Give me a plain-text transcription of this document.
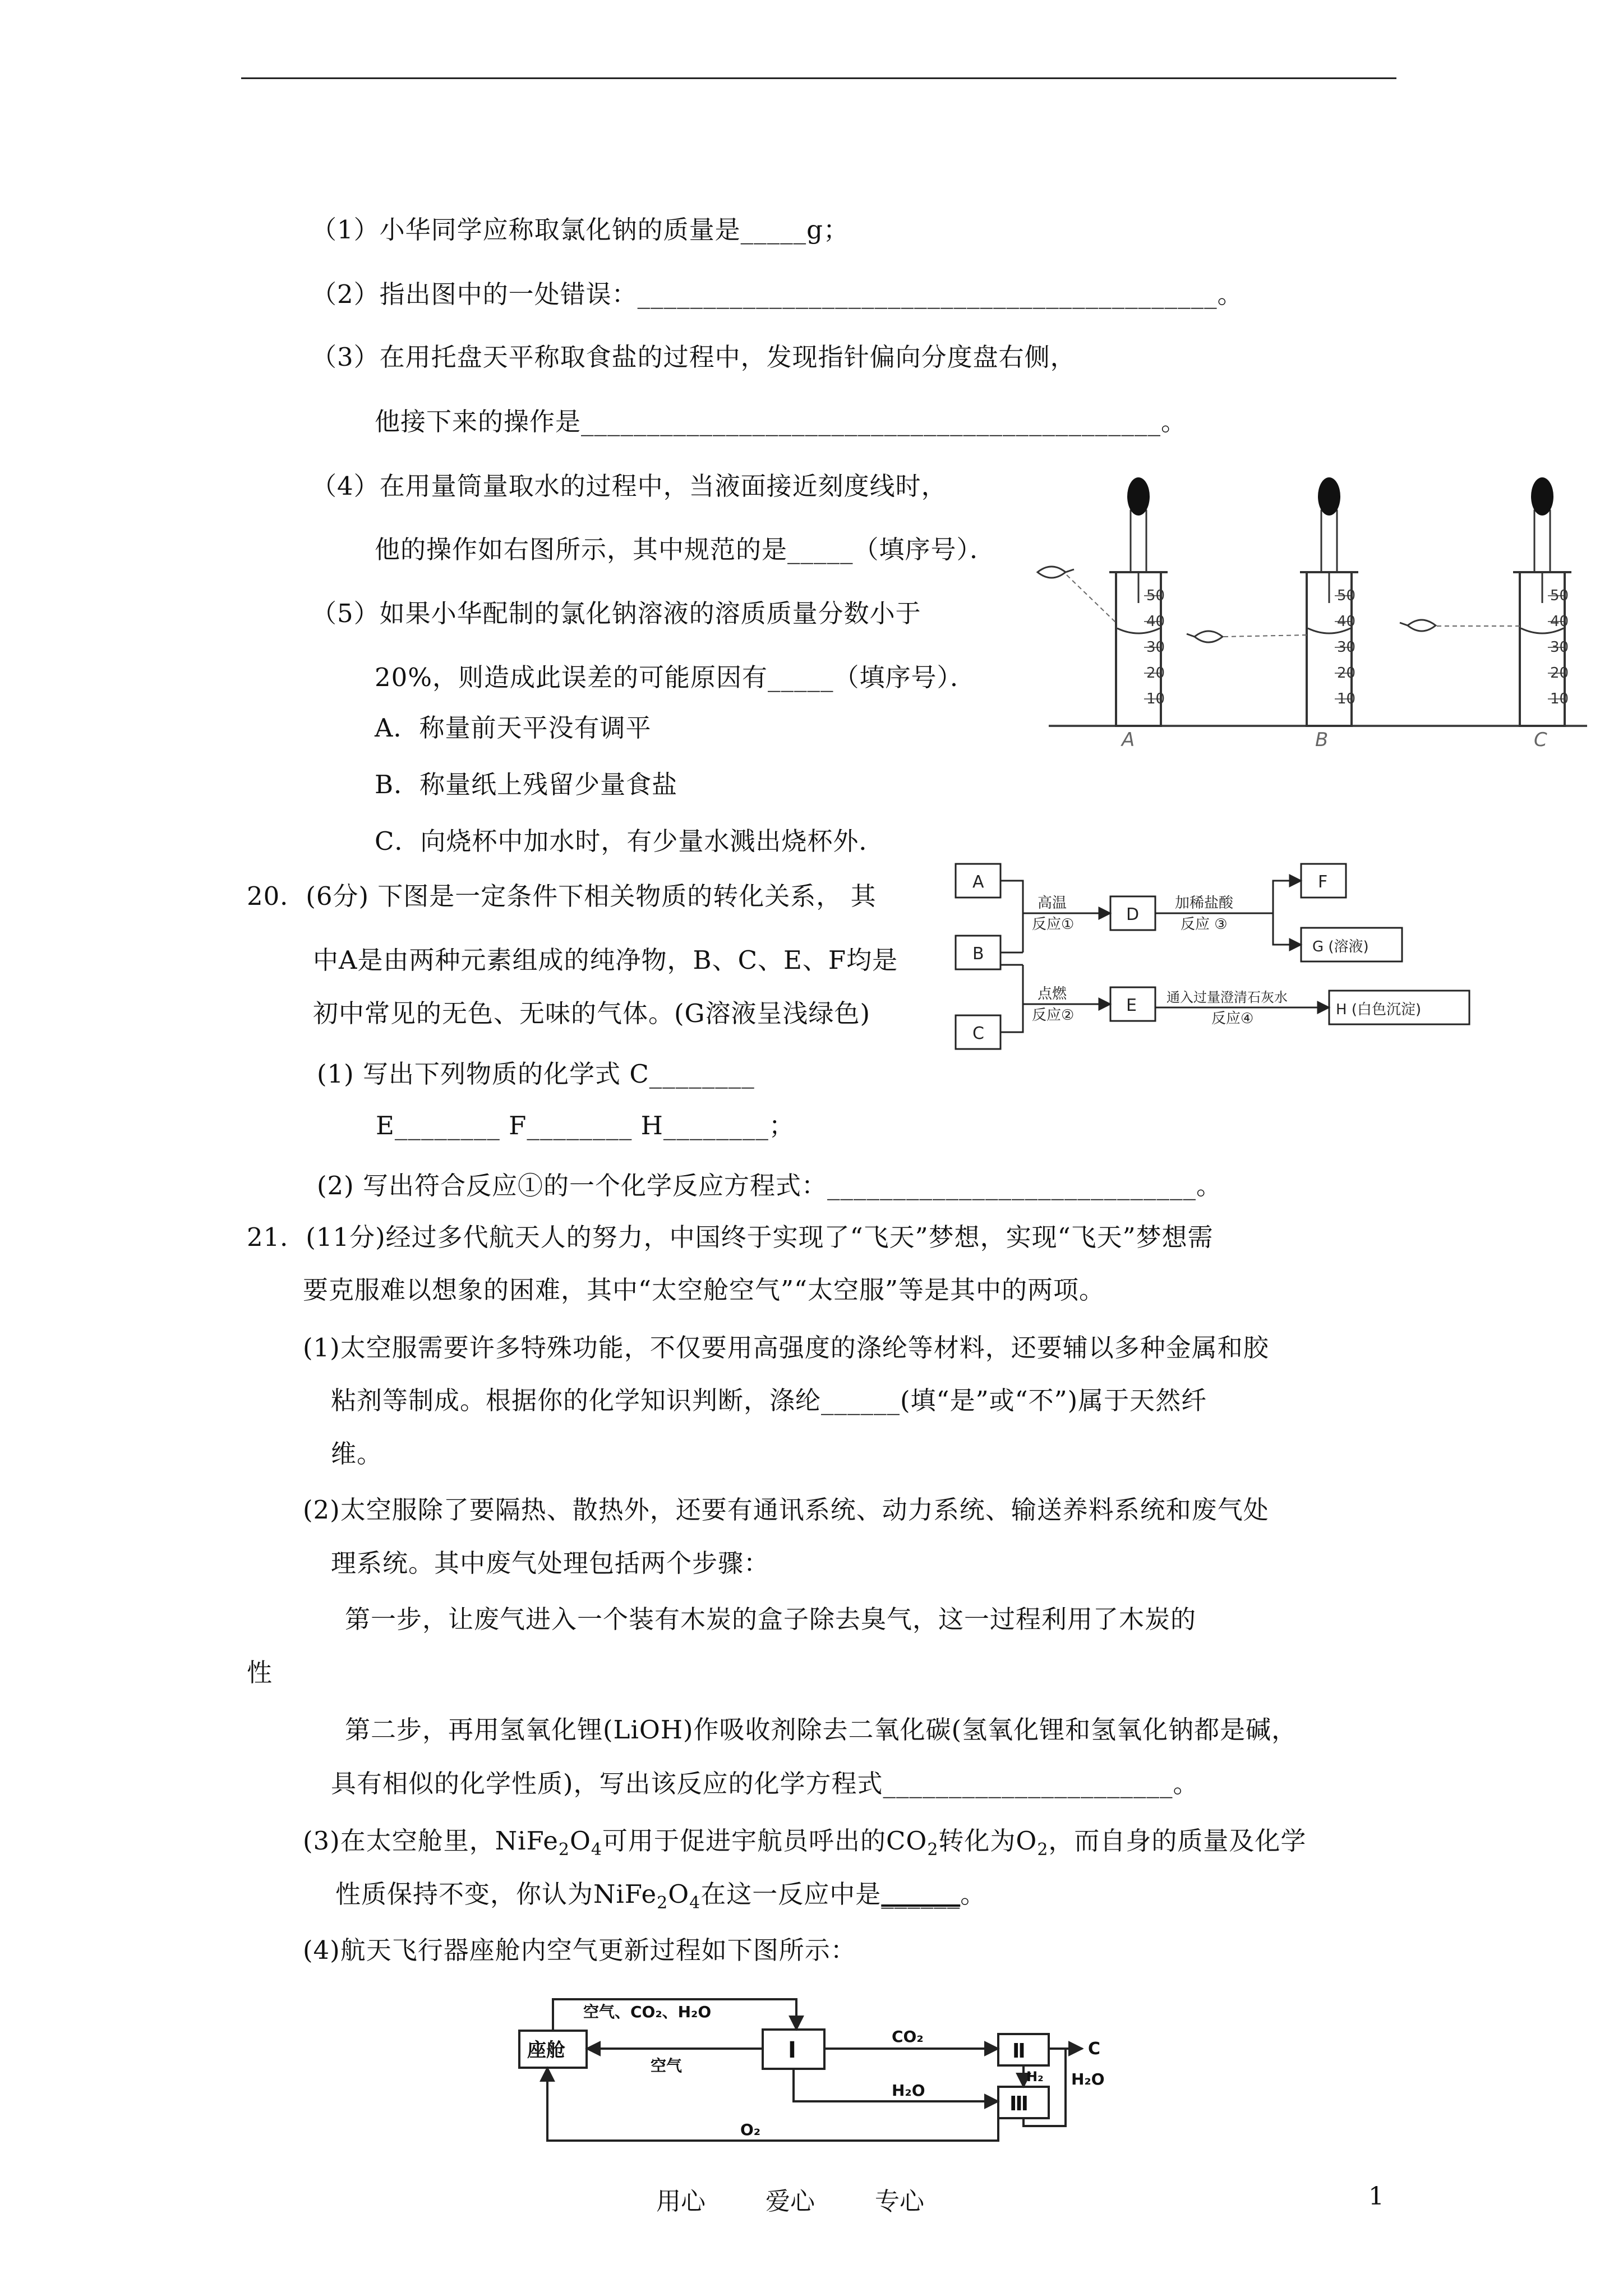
（1）小华同学应称取氯化钠的质量是_____g；
（2）指出图中的一处错误：____________________________________________。
（3）在用托盘天平称取食盐的过程中，发现指针偏向分度盘右侧，
他接下来的操作是____________________________________________。
（4）在用量筒量取水的过程中，当液面接近刻度线时，
他的操作如右图所示，其中规范的是_____（填序号）．
（5）如果小华配制的氯化钠溶液的溶质质量分数小于
20%，则造成此误差的可能原因有_____（填序号）．
A．称量前天平没有调平
B．称量纸上残留少量食盐
C．向烧杯中加水时，有少量水溅出烧杯外．
50
40
30
20
10
A
50
40
30
20
10
B
50
40
30
20
10
C
20．(6分) 下图是一定条件下相关物质的转化关系， 其
中A是由两种元素组成的纯净物，B、C、E、F均是
初中常见的无色、无味的气体。(G溶液呈浅绿色)
(1) 写出下列物质的化学式 C________
E________ F________ H________；
(2) 写出符合反应①的一个化学反应方程式：____________________________。
A
B
C
D
E
F
G (溶液)
H (白色沉淀)
高温
反应①
点燃
反应②
加稀盐酸
反应 ③
通入过量澄清石灰水
反应④
21．(11分)经过多代航天人的努力，中国终于实现了“飞天”梦想，实现“飞天”梦想需
要克服难以想象的困难，其中“太空舱空气”“太空服”等是其中的两项。
(1)太空服需要许多特殊功能，不仅要用高强度的涤纶等材料，还要辅以多种金属和胶
粘剂等制成。根据你的化学知识判断，涤纶______(填“是”或“不”)属于天然纤
维。
(2)太空服除了要隔热、散热外，还要有通讯系统、动力系统、输送养料系统和废气处
理系统。其中废气处理包括两个步骤：
第一步，让废气进入一个装有木炭的盒子除去臭气，这一过程利用了木炭的
性
第二步，再用氢氧化锂(LiOH)作吸收剂除去二氧化碳(氢氧化锂和氢氧化钠都是碱，
具有相似的化学性质)，写出该反应的化学方程式______________________。
(3)在太空舱里，$NiFe_2O_4$可用于促进宇航员呼出的$CO_2$转化为$O_2$，而自身的质量及化学
性质保持不变，你认为$NiFe_2O_4$在这一反应中是______。
(4)航天飞行器座舱内空气更新过程如下图所示：
座舱	Ⅰ	Ⅱ
Ⅲ
空气、CO₂、H₂O
空气
CO₂
H₂O
H₂ H₂O
O₂
C
用心 爱心 专心	1
